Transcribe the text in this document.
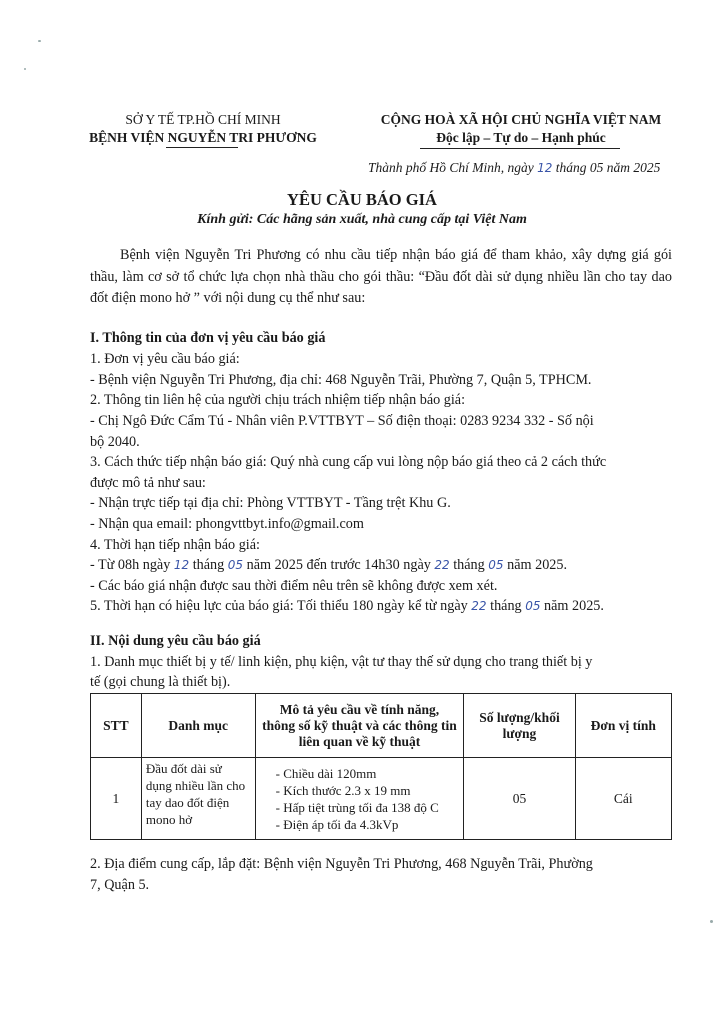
SỞ Y TẾ TP.HỒ CHÍ MINH
BỆNH VIỆN NGUYỄN TRI PHƯƠNG
CỘNG HOÀ XÃ HỘI CHỦ NGHĨA VIỆT NAM
Độc lập – Tự do – Hạnh phúc
Thành phố Hồ Chí Minh, ngày 12 tháng 05 năm 2025
YÊU CẦU BÁO GIÁ
Kính gửi: Các hãng sản xuất, nhà cung cấp tại Việt Nam
Bệnh viện Nguyễn Tri Phương có nhu cầu tiếp nhận báo giá để tham khảo, xây dựng giá gói thầu, làm cơ sở tổ chức lựa chọn nhà thầu cho gói thầu: “Đầu đốt dài sử dụng nhiều lần cho tay dao đốt điện mono hở ” với nội dung cụ thể như sau:
I. Thông tin của đơn vị yêu cầu báo giá
1. Đơn vị yêu cầu báo giá:
- Bệnh viện Nguyễn Tri Phương, địa chỉ: 468 Nguyễn Trãi, Phường 7, Quận 5, TPHCM.
2. Thông tin liên hệ của người chịu trách nhiệm tiếp nhận báo giá:
- Chị Ngô Đức Cẩm Tú - Nhân viên P.VTTBYT – Số điện thoại: 0283 9234 332 - Số nội
bộ 2040.
3. Cách thức tiếp nhận báo giá: Quý nhà cung cấp vui lòng nộp báo giá theo cả 2 cách thức
được mô tả như sau:
- Nhận trực tiếp tại địa chỉ: Phòng VTTBYT - Tầng trệt Khu G.
- Nhận qua email: phongvttbyt.info@gmail.com
4. Thời hạn tiếp nhận báo giá:
- Từ 08h ngày 12 tháng 05 năm 2025 đến trước 14h30 ngày 22 tháng 05 năm 2025.
- Các báo giá nhận được sau thời điểm nêu trên sẽ không được xem xét.
5. Thời hạn có hiệu lực của báo giá: Tối thiểu 180 ngày kể từ ngày 22 tháng 05 năm 2025.
II. Nội dung yêu cầu báo giá
1. Danh mục thiết bị y tế/ linh kiện, phụ kiện, vật tư thay thế sử dụng cho trang thiết bị y
tế (gọi chung là thiết bị).
STT	Danh mục	Mô tả yêu cầu về tính năng, thông số kỹ thuật và các thông tin liên quan về kỹ thuật	Số lượng/khối lượng	Đơn vị tính
1	Đầu đốt dài sử dụng nhiều lần cho tay dao đốt điện mono hở	- Chiều dài 120mm
- Kích thước 2.3 x 19 mm
- Hấp tiệt trùng tối đa 138 độ C
- Điện áp tối đa 4.3kVp	05	Cái
2. Địa điểm cung cấp, lắp đặt: Bệnh viện Nguyễn Tri Phương, 468 Nguyễn Trãi, Phường
7, Quận 5.
